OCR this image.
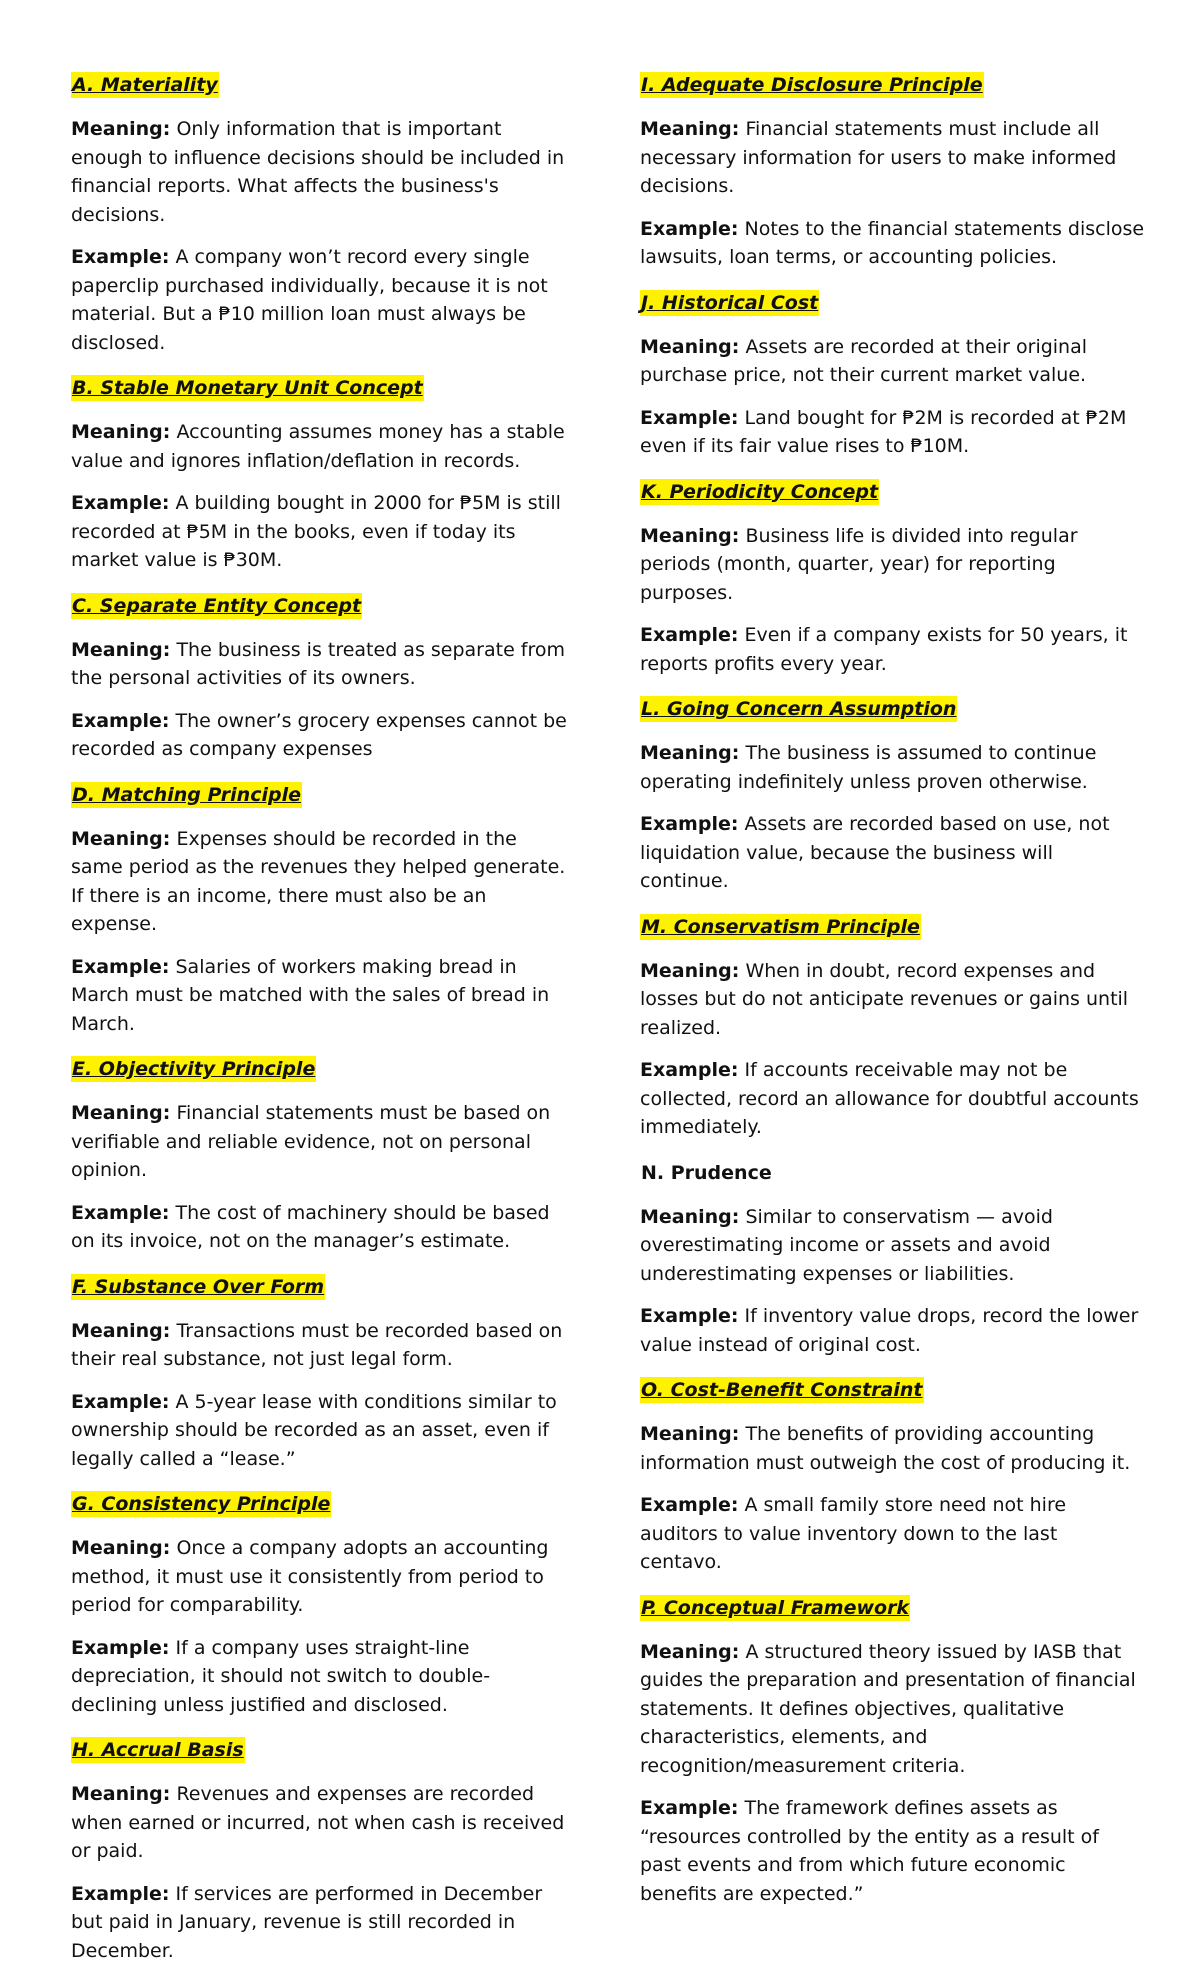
A. Materiality

Meaning: Only information that is important enough to influence decisions should be included in financial reports. What affects the business's decisions.

Example: A company won’t record every single paperclip purchased individually, because it is not material. But a ₱10 million loan must always be disclosed.

B. Stable Monetary Unit Concept

Meaning: Accounting assumes money has a stable value and ignores inflation/deflation in records.

Example: A building bought in 2000 for ₱5M is still recorded at ₱5M in the books, even if today its market value is ₱30M.

C. Separate Entity Concept

Meaning: The business is treated as separate from the personal activities of its owners.

Example: The owner’s grocery expenses cannot be recorded as company expenses

D. Matching Principle

Meaning: Expenses should be recorded in the same period as the revenues they helped generate. If there is an income, there must also be an expense.

Example: Salaries of workers making bread in March must be matched with the sales of bread in March.

E. Objectivity Principle

Meaning: Financial statements must be based on verifiable and reliable evidence, not on personal opinion.

Example: The cost of machinery should be based on its invoice, not on the manager’s estimate.

F. Substance Over Form

Meaning: Transactions must be recorded based on their real substance, not just legal form.

Example: A 5-year lease with conditions similar to ownership should be recorded as an asset, even if legally called a “lease.”

G. Consistency Principle

Meaning: Once a company adopts an accounting method, it must use it consistently from period to period for comparability.

Example: If a company uses straight-line depreciation, it should not switch to double-declining unless justified and disclosed.

H. Accrual Basis

Meaning: Revenues and expenses are recorded when earned or incurred, not when cash is received or paid.

Example: If services are performed in December but paid in January, revenue is still recorded in December.

I. Adequate Disclosure Principle

Meaning: Financial statements must include all necessary information for users to make informed decisions.

Example: Notes to the financial statements disclose lawsuits, loan terms, or accounting policies.

J. Historical Cost

Meaning: Assets are recorded at their original purchase price, not their current market value.

Example: Land bought for ₱2M is recorded at ₱2M even if its fair value rises to ₱10M.

K. Periodicity Concept

Meaning: Business life is divided into regular periods (month, quarter, year) for reporting purposes.

Example: Even if a company exists for 50 years, it reports profits every year.

L. Going Concern Assumption

Meaning: The business is assumed to continue operating indefinitely unless proven otherwise.

Example: Assets are recorded based on use, not liquidation value, because the business will continue.

M. Conservatism Principle

Meaning: When in doubt, record expenses and losses but do not anticipate revenues or gains until realized.

Example: If accounts receivable may not be collected, record an allowance for doubtful accounts immediately.

N. Prudence

Meaning: Similar to conservatism — avoid overestimating income or assets and avoid underestimating expenses or liabilities.

Example: If inventory value drops, record the lower value instead of original cost.

O. Cost-Benefit Constraint

Meaning: The benefits of providing accounting information must outweigh the cost of producing it.

Example: A small family store need not hire auditors to value inventory down to the last centavo.

P. Conceptual Framework

Meaning: A structured theory issued by IASB that guides the preparation and presentation of financial statements. It defines objectives, qualitative characteristics, elements, and recognition/measurement criteria.

Example: The framework defines assets as “resources controlled by the entity as a result of past events and from which future economic benefits are expected.”
